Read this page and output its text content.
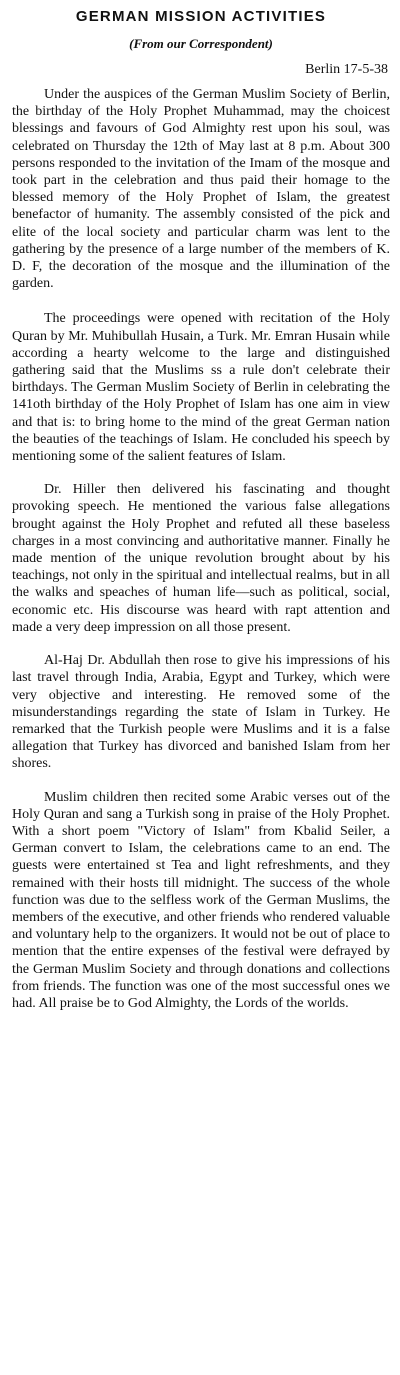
GERMAN MISSION ACTIVITIES
(From our Correspondent)
Berlin 17-5-38

Under the auspices of the German Muslim Society of Berlin, the birthday of the Holy Prophet Muhammad, may the choicest blessings and favours of God Almighty rest upon his soul, was celebrated on Thursday the 12th of May last at 8 p.m. About 300 persons responded to the invitation of the Imam of the mosque and took part in the celebration and thus paid their homage to the blessed memory of the Holy Prophet of Islam, the greatest benefactor of humanity. The assembly consisted of the pick and elite of the local society and particular charm was lent to the gathering by the presence of a large number of the members of K. D. F, the decoration of the mosque and the illumination of the garden.

The proceedings were opened with recitation of the Holy Quran by Mr. Muhibullah Husain, a Turk. Mr. Emran Husain while according a hearty welcome to the large and distinguished gathering said that the Muslims ss a rule don't celebrate their birthdays. The German Muslim Society of Berlin in celebrating the 141oth birthday of the Holy Prophet of Islam has one aim in view and that is: to bring home to the mind of the great German nation the beauties of the teachings of Islam. He concluded his speech by mentioning some of the salient features of Islam.

Dr. Hiller then delivered his fascinating and thought provoking speech. He mentioned the various false allegations brought against the Holy Prophet and refuted all these baseless charges in a most convincing and authoritative manner. Finally he made mention of the unique revolution brought about by his teachings, not only in the spiritual and intellectual realms, but in all the walks and speaches of human life—such as political, social, economic etc. His discourse was heard with rapt attention and made a very deep impression on all those present.

Al-Haj Dr. Abdullah then rose to give his impressions of his last travel through India, Arabia, Egypt and Turkey, which were very objective and interesting. He removed some of the misunderstandings regarding the state of Islam in Turkey. He remarked that the Turkish people were Muslims and it is a false allegation that Turkey has divorced and banished Islam from her shores.

Muslim children then recited some Arabic verses out of the Holy Quran and sang a Turkish song in praise of the Holy Prophet. With a short poem "Victory of Islam" from Kbalid Seiler, a German convert to Islam, the celebrations came to an end. The guests were entertained st Tea and light refreshments, and they remained with their hosts till midnight. The success of the whole function was due to the selfless work of the German Muslims, the members of the executive, and other friends who rendered valuable and voluntary help to the organizers. It would not be out of place to mention that the entire expenses of the festival were defrayed by the German Muslim Society and through donations and collections from friends. The function was one of the most successful ones we had. All praise be to God Almighty, the Lords of the worlds.
